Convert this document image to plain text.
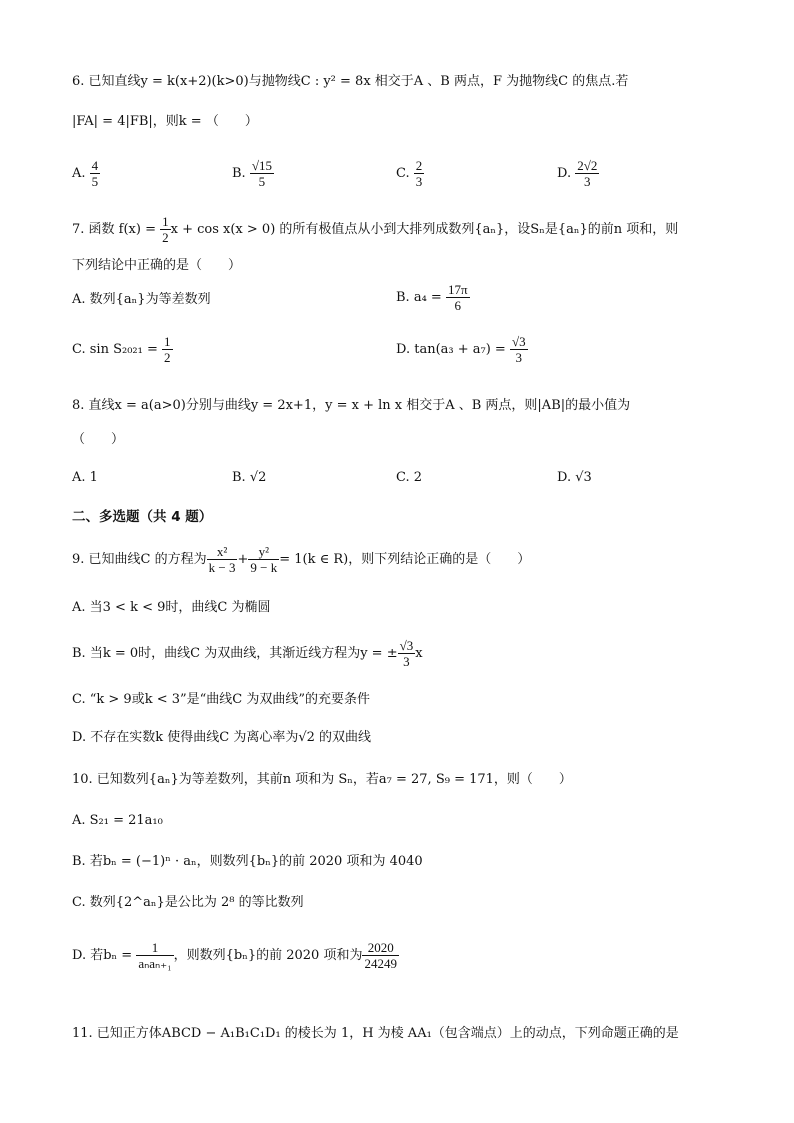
6. 已知直线y = k(x+2)(k>0)与抛物线C : y² = 8x 相交于A 、B 两点，F 为抛物线C 的焦点.若
|FA| = 4|FB|，则k = （　　）
A. $\frac{4}{5}$	B. $\frac{√15}{5}$	C. $\frac{2}{3}$	D. $\frac{2√2}{3}$
7. 函数 $f(x) = \frac{1}{2}$ x + cos x(x > 0) 的所有极值点从小到大排列成数列{aₙ}，设Sₙ是{aₙ}的前n 项和，则
下列结论中正确的是（　　）
A. 数列{aₙ}为等差数列	B. $a_4 = \frac{17\pi}{6}$
C. $\sin S_{2021} = \frac{1}{2}$	D. $\tan(a_3 + a_7) = \frac{√3}{3}$
8. 直线x = a(a>0)分别与曲线y = 2x+1，y = x + ln x 相交于A 、B 两点，则|AB|的最小值为
（　　）
A. 1	B. √2	C. 2	D. √3
二、多选题（共 4 题）
9. 已知曲线C 的方程为 $\frac{\text{x²}}{k - 3} + \frac{\text{y²}}{9 - k} = 1(k$ ∈ R)，则下列结论正确的是（　　）
A. 当3 < k < 9时，曲线C 为椭圆
B. 当k = 0时，曲线C 为双曲线，其渐近线方程为y = ± $\frac{√3}{3}$ x
C. “k > 9或k < 3”是“曲线C 为双曲线”的充要条件
D. 不存在实数k 使得曲线C 为离心率为√2 的双曲线
10. 已知数列{aₙ}为等差数列，其前n 项和为 Sₙ，若a₇ = 27, S₉ = 171，则（　　）
A. S₂₁ = 21a₁₀
B. 若bₙ = (−1)ⁿ · aₙ，则数列{bₙ}的前 2020 项和为 4040
C. 数列{2^aₙ}是公比为 2⁸ 的等比数列
D. 若$b_n = \frac{1}{\text{aₙaₙ₊₁}}$ ，则数列{bₙ}的前 2020 项和为 $\frac{2020}{24249}$
11. 已知正方体ABCD − A₁B₁C₁D₁ 的棱长为 1，H 为棱 AA₁（包含端点）上的动点，下列命题正确的是
